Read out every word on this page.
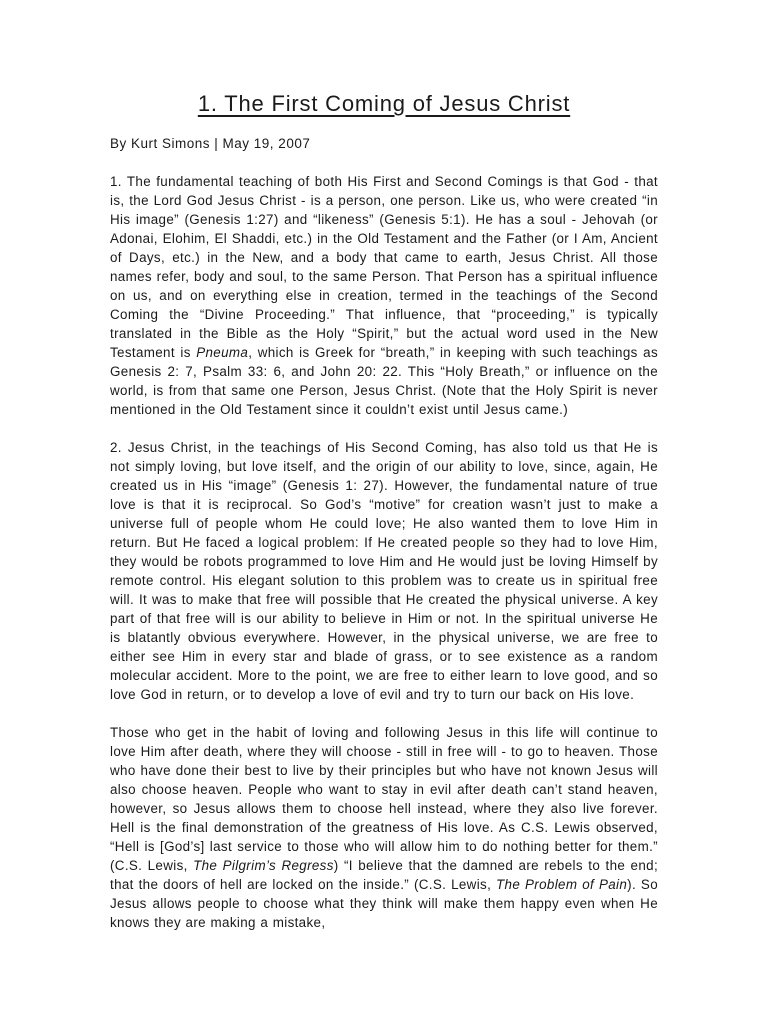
1. The First Coming of Jesus Christ
By Kurt Simons | May 19, 2007

1. The fundamental teaching of both His First and Second Comings is that God - that is, the Lord God Jesus Christ - is a person, one person. Like us, who were created “in His image” (Genesis 1:27) and “likeness” (Genesis 5:1). He has a soul - Jehovah (or Adonai, Elohim, El Shaddi, etc.) in the Old Testament and the Father (or I Am, Ancient of Days, etc.) in the New, and a body that came to earth, Jesus Christ. All those names refer, body and soul, to the same Person. That Person has a spiritual influence on us, and on everything else in creation, termed in the teachings of the Second Coming the “Divine Proceeding.” That influence, that “proceeding,” is typically translated in the Bible as the Holy “Spirit,” but the actual word used in the New Testament is Pneuma, which is Greek for “breath,” in keeping with such teachings as Genesis 2: 7, Psalm 33: 6, and John 20: 22. This “Holy Breath,” or influence on the world, is from that same one Person, Jesus Christ. (Note that the Holy Spirit is never mentioned in the Old Testament since it couldn’t exist until Jesus came.)

2. Jesus Christ, in the teachings of His Second Coming, has also told us that He is not simply loving, but love itself, and the origin of our ability to love, since, again, He created us in His “image” (Genesis 1: 27). However, the fundamental nature of true love is that it is reciprocal. So God’s “motive” for creation wasn’t just to make a universe full of people whom He could love; He also wanted them to love Him in return. But He faced a logical problem: If He created people so they had to love Him, they would be robots programmed to love Him and He would just be loving Himself by remote control. His elegant solution to this problem was to create us in spiritual free will. It was to make that free will possible that He created the physical universe. A key part of that free will is our ability to believe in Him or not. In the spiritual universe He is blatantly obvious everywhere. However, in the physical universe, we are free to either see Him in every star and blade of grass, or to see existence as a random molecular accident. More to the point, we are free to either learn to love good, and so love God in return, or to develop a love of evil and try to turn our back on His love.

Those who get in the habit of loving and following Jesus in this life will continue to love Him after death, where they will choose - still in free will - to go to heaven. Those who have done their best to live by their principles but who have not known Jesus will also choose heaven. People who want to stay in evil after death can’t stand heaven, however, so Jesus allows them to choose hell instead, where they also live forever. Hell is the final demonstration of the greatness of His love. As C.S. Lewis observed, “Hell is [God’s] last service to those who will allow him to do nothing better for them.” (C.S. Lewis, The Pilgrim’s Regress) “I believe that the damned are rebels to the end; that the doors of hell are locked on the inside.” (C.S. Lewis, The Problem of Pain). So Jesus allows people to choose what they think will make them happy even when He knows they are making a mistake,
